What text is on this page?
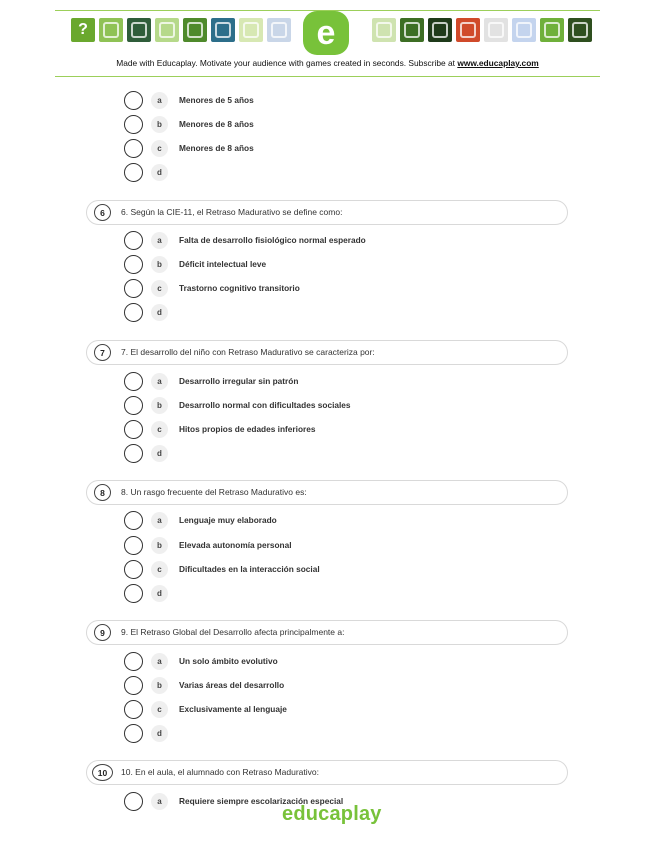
?	e
Made with Educaplay. Motivate your audience with games created in seconds. Subscribe at www.educaplay.com
a	Menores de 5 años
b	Menores de 8 años
c	Menores de 8 años
d
6	6. Según la CIE-11, el Retraso Madurativo se define como:
a	Falta de desarrollo fisiológico normal esperado
b	Déficit intelectual leve
c	Trastorno cognitivo transitorio
d
7	7. El desarrollo del niño con Retraso Madurativo se caracteriza por:
a	Desarrollo irregular sin patrón
b	Desarrollo normal con dificultades sociales
c	Hitos propios de edades inferiores
d
8	8. Un rasgo frecuente del Retraso Madurativo es:
a	Lenguaje muy elaborado
b	Elevada autonomía personal
c	Dificultades en la interacción social
d
9	9. El Retraso Global del Desarrollo afecta principalmente a:
a	Un solo ámbito evolutivo
b	Varias áreas del desarrollo
c	Exclusivamente al lenguaje
d
10	10. En el aula, el alumnado con Retraso Madurativo:
a	Requiere siempre escolarización especial
educaplay
